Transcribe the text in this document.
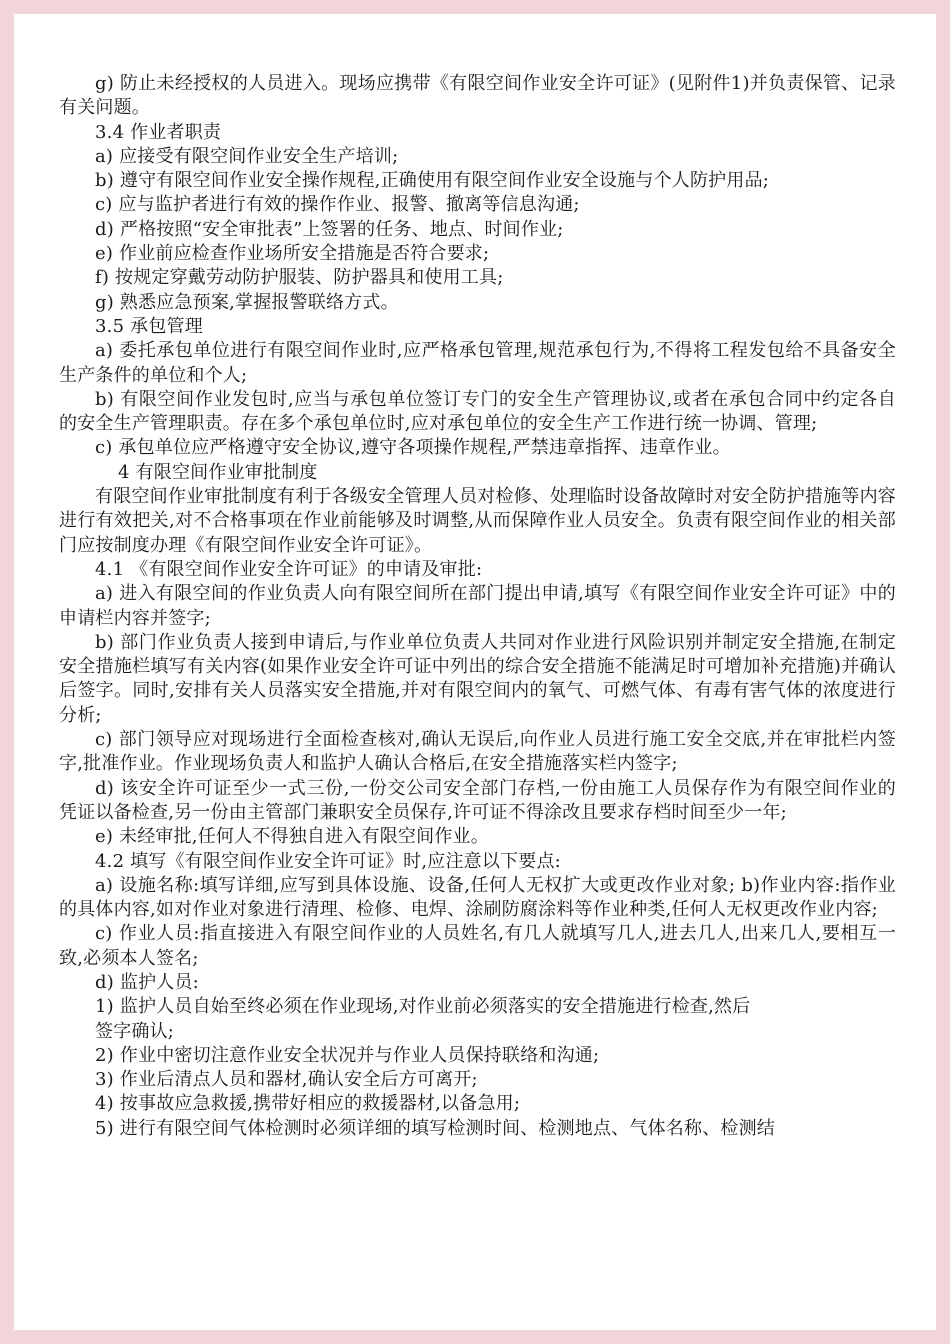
g) 防止未经授权的人员进入。现场应携带《有限空间作业安全许可证》(见附件1)并负责保管、记录有关问题。

3.4 作业者职责

a) 应接受有限空间作业安全生产培训;

b) 遵守有限空间作业安全操作规程,正确使用有限空间作业安全设施与个人防护用品;

c) 应与监护者进行有效的操作作业、报警、撤离等信息沟通;

d) 严格按照“安全审批表”上签署的任务、地点、时间作业;

e) 作业前应检查作业场所安全措施是否符合要求;

f) 按规定穿戴劳动防护服装、防护器具和使用工具;

g) 熟悉应急预案,掌握报警联络方式。

3.5 承包管理

a) 委托承包单位进行有限空间作业时,应严格承包管理,规范承包行为,不得将工程发包给不具备安全生产条件的单位和个人;

b) 有限空间作业发包时,应当与承包单位签订专门的安全生产管理协议,或者在承包合同中约定各自的安全生产管理职责。存在多个承包单位时,应对承包单位的安全生产工作进行统一协调、管理;

c) 承包单位应严格遵守安全协议,遵守各项操作规程,严禁违章指挥、违章作业。

4 有限空间作业审批制度

有限空间作业审批制度有利于各级安全管理人员对检修、处理临时设备故障时对安全防护措施等内容进行有效把关,对不合格事项在作业前能够及时调整,从而保障作业人员安全。负责有限空间作业的相关部门应按制度办理《有限空间作业安全许可证》。

4.1 《有限空间作业安全许可证》的申请及审批:

a) 进入有限空间的作业负责人向有限空间所在部门提出申请,填写《有限空间作业安全许可证》中的申请栏内容并签字;

b) 部门作业负责人接到申请后,与作业单位负责人共同对作业进行风险识别并制定安全措施,在制定安全措施栏填写有关内容(如果作业安全许可证中列出的综合安全措施不能满足时可增加补充措施)并确认后签字。同时,安排有关人员落实安全措施,并对有限空间内的氧气、可燃气体、有毒有害气体的浓度进行分析;

c) 部门领导应对现场进行全面检查核对,确认无误后,向作业人员进行施工安全交底,并在审批栏内签字,批准作业。作业现场负责人和监护人确认合格后,在安全措施落实栏内签字;

d) 该安全许可证至少一式三份,一份交公司安全部门存档,一份由施工人员保存作为有限空间作业的凭证以备检查,另一份由主管部门兼职安全员保存,许可证不得涂改且要求存档时间至少一年;

e) 未经审批,任何人不得独自进入有限空间作业。

4.2 填写《有限空间作业安全许可证》时,应注意以下要点:

a) 设施名称:填写详细,应写到具体设施、设备,任何人无权扩大或更改作业对象; b)作业内容:指作业的具体内容,如对作业对象进行清理、检修、电焊、涂刷防腐涂料等作业种类,任何人无权更改作业内容;

c) 作业人员:指直接进入有限空间作业的人员姓名,有几人就填写几人,进去几人,出来几人,要相互一致,必须本人签名;

d) 监护人员:

1) 监护人员自始至终必须在作业现场,对作业前必须落实的安全措施进行检查,然后

签字确认;

2) 作业中密切注意作业安全状况并与作业人员保持联络和沟通;

3) 作业后清点人员和器材,确认安全后方可离开;

4) 按事故应急救援,携带好相应的救援器材,以备急用;

5) 进行有限空间气体检测时必须详细的填写检测时间、检测地点、气体名称、检测结
